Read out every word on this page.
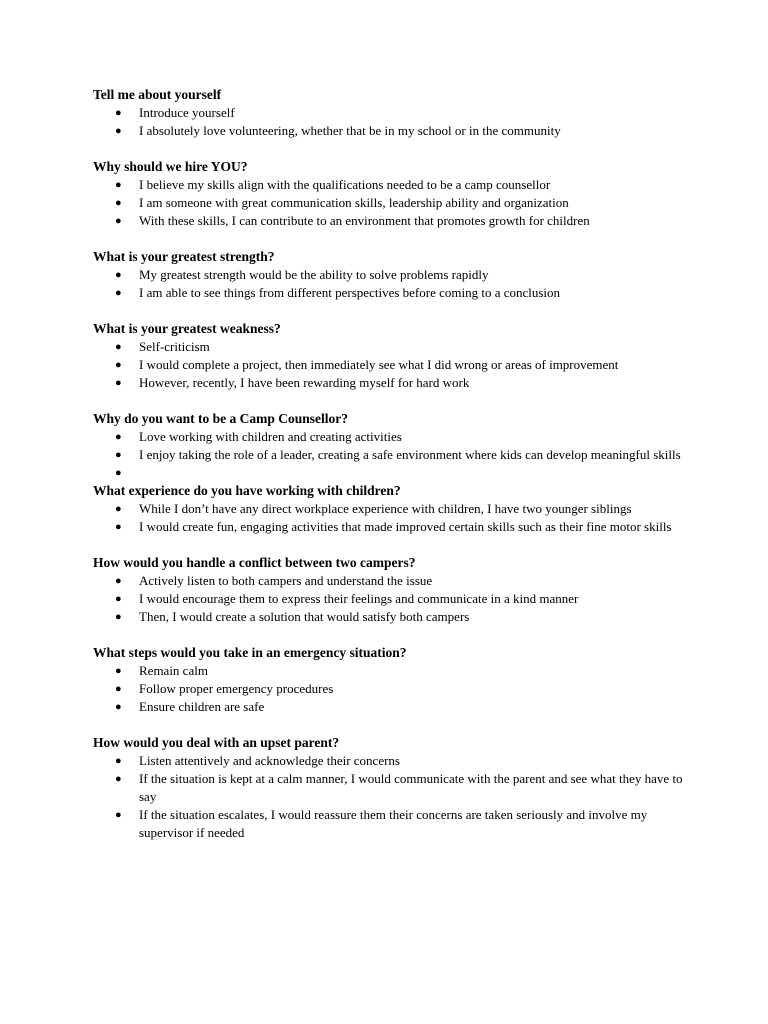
Tell me about yourself
● Introduce yourself
● I absolutely love volunteering, whether that be in my school or in the community
Why should we hire YOU?
● I believe my skills align with the qualifications needed to be a camp counsellor
● I am someone with great communication skills, leadership ability and organization
● With these skills, I can contribute to an environment that promotes growth for children
What is your greatest strength?
● My greatest strength would be the ability to solve problems rapidly
● I am able to see things from different perspectives before coming to a conclusion
What is your greatest weakness?
● Self-criticism
● I would complete a project, then immediately see what I did wrong or areas of improvement
● However, recently, I have been rewarding myself for hard work
Why do you want to be a Camp Counsellor?
● Love working with children and creating activities
● I enjoy taking the role of a leader, creating a safe environment where kids can develop meaningful skills
●
What experience do you have working with children?
● While I don’t have any direct workplace experience with children, I have two younger siblings
● I would create fun, engaging activities that made improved certain skills such as their fine motor skills
How would you handle a conflict between two campers?
● Actively listen to both campers and understand the issue
● I would encourage them to express their feelings and communicate in a kind manner
● Then, I would create a solution that would satisfy both campers
What steps would you take in an emergency situation?
● Remain calm
● Follow proper emergency procedures
● Ensure children are safe
How would you deal with an upset parent?
● Listen attentively and acknowledge their concerns
● If the situation is kept at a calm manner, I would communicate with the parent and see what they have to say
● If the situation escalates, I would reassure them their concerns are taken seriously and involve my supervisor if needed
